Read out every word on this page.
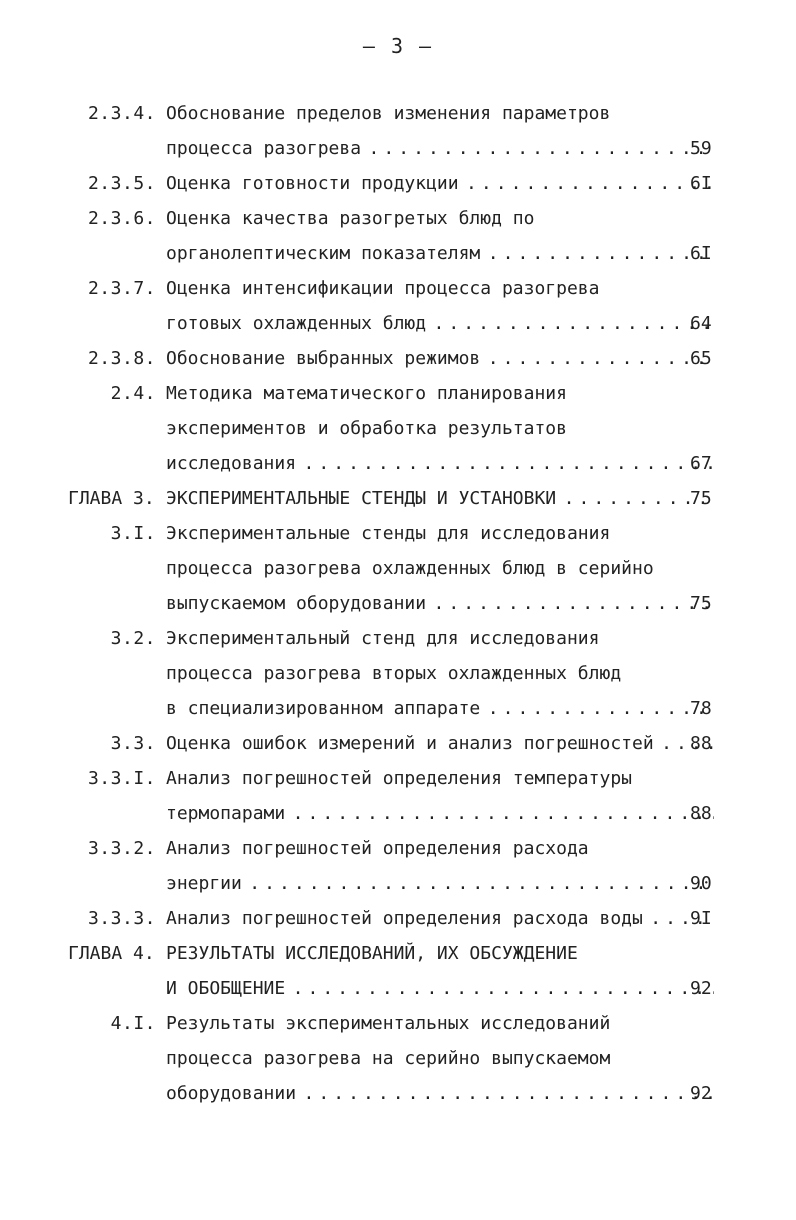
– 3 –
2.3.4. Обоснование пределов изменения параметров
процесса разогрева . . .	59
2.3.5. Оценка готовности продукции . . .	6I
2.3.6. Оценка качества разогретых блюд по
органолептическим показателям . . .	6I
2.3.7. Оценка интенсификации процесса разогрева
готовых охлажденных блюд . . .	64
2.3.8. Обоснование выбранных режимов . . .	65
2.4. Методика математического планирования
экспериментов и обработка результатов
исследования . . .	67
ГЛАВА 3. ЭКСПЕРИМЕНТАЛЬНЫЕ СТЕНДЫ И УСТАНОВКИ . . .	75
3.I. Экспериментальные стенды для исследования
процесса разогрева охлажденных блюд в серийно
выпускаемом оборудовании . . .	75
3.2. Экспериментальный стенд для исследования
процесса разогрева вторых охлажденных блюд
в специализированном аппарате . . .	78
3.3. Оценка ошибок измерений и анализ погрешностей . . .	88
3.3.I. Анализ погрешностей определения температуры
термопарами . . .	88
3.3.2. Анализ погрешностей определения расхода
энергии . . .	90
3.3.3. Анализ погрешностей определения расхода воды . . .	9I
ГЛАВА 4. РЕЗУЛЬТАТЫ ИССЛЕДОВАНИЙ, ИХ ОБСУЖДЕНИЕ
И ОБОБЩЕНИЕ . . .	92
4.I. Результаты экспериментальных исследований
процесса разогрева на серийно выпускаемом
оборудовании . . .	92
